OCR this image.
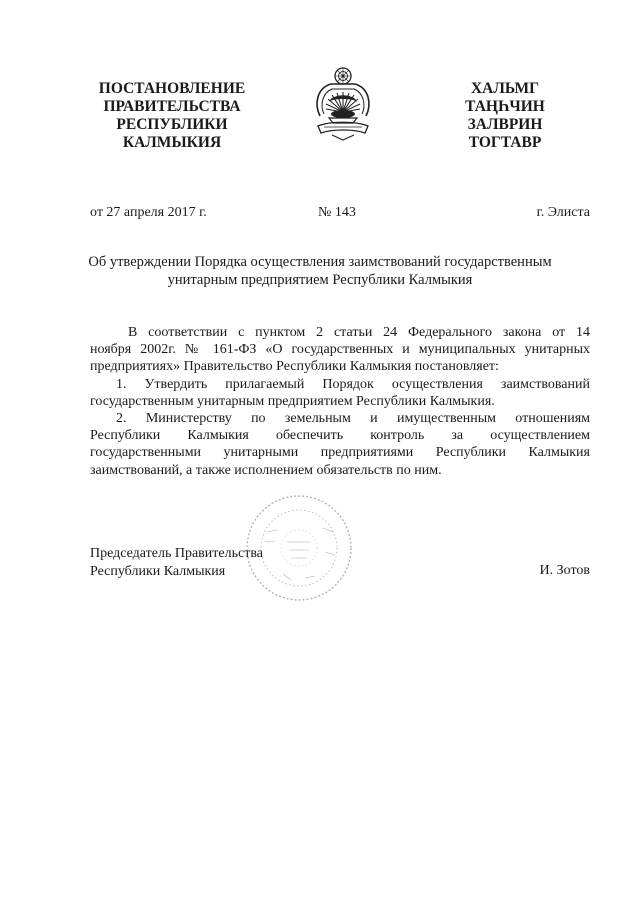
ПОСТАНОВЛЕНИЕ
ПРАВИТЕЛЬСТВА
РЕСПУБЛИКИ
КАЛМЫКИЯ
ХАЛЬМГ
ТАҢҺЧИН
ЗАЛВРИН
ТОГТАВР
от 27 апреля 2017 г.	№ 143	г. Элиста
Об утверждении Порядка осуществления заимствований государственным
унитарным предприятием Республики Калмыкия
В соответствии с пунктом 2 статьи 24 Федерального закона от 14
ноября 2002г. № 161-ФЗ «О государственных и муниципальных унитарных
предприятиях» Правительство Республики Калмыкия постановляет:
1. Утвердить прилагаемый Порядок осуществления заимствований
государственным унитарным предприятием Республики Калмыкия.
2. Министерству по земельным и имущественным отношениям
Республики Калмыкия обеспечить контроль за осуществлением
государственными унитарными предприятиями Республики Калмыкия
заимствований, а также исполнением обязательств по ним.
Председатель Правительства
Республики Калмыкия	И. Зотов
